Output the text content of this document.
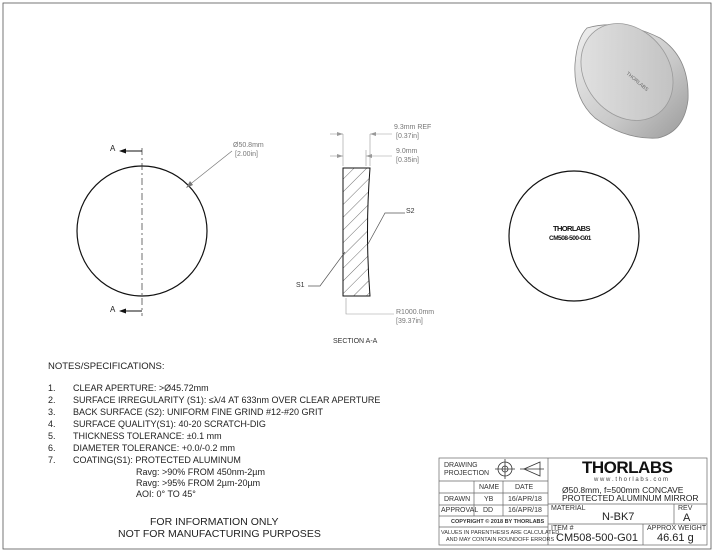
THORLABS
A
A
Ø50.8mm
[2.00in]
9.3mm REF
[0.37in]
9.0mm
[0.35in]
S2
S1
R1000.0mm
[39.37in]
SECTION A-A
THORLABS
CM508-500-G01
NOTES/SPECIFICATIONS:
1. CLEAR APERTURE: >Ø45.72mm
2. SURFACE IRREGULARITY (S1): ≤λ/4 AT 633nm OVER CLEAR APERTURE
3. BACK SURFACE (S2): UNIFORM FINE GRIND #12-#20 GRIT
4. SURFACE QUALITY(S1): 40-20 SCRATCH-DIG
5. THICKNESS TOLERANCE: ±0.1 mm
6. DIAMETER TOLERANCE: +0.0/-0.2 mm
7. COATING(S1): PROTECTED ALUMINUM
Ravg: >90% FROM 450nm-2µm
Ravg: >95% FROM 2µm-20µm
AOI: 0° TO 45°
FOR INFORMATION ONLY
NOT FOR MANUFACTURING PURPOSES
DRAWING
PROJECTION
NAME DATE
DRAWN YB 16/APR/18
APPROVAL DD 16/APR/18
COPYRIGHT © 2018 BY THORLABS
VALUES IN PARENTHESIS ARE CALCULATED
AND MAY CONTAIN ROUNDOFF ERRORS
THORLABS
w w w . t h o r l a b s . c o m
Ø50.8mm, f=500mm CONCAVE
PROTECTED ALUMINUM MIRROR
MATERIAL
N-BK7
REV
A
ITEM #
CM508-500-G01
APPROX WEIGHT
46.61 g
